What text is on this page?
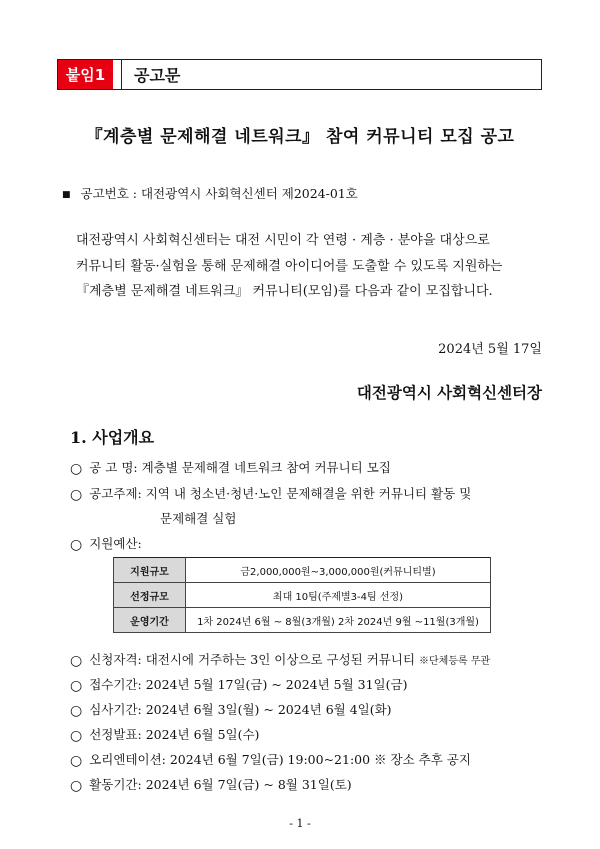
붙임1	공고문
『계층별 문제해결 네트워크』 참여 커뮤니티 모집 공고
■ 공고번호 : 대전광역시 사회혁신센터 제2024-01호
대전광역시 사회혁신센터는 대전 시민이 각 연령 · 계층 · 분야을 대상으로
커뮤니티 활동·실험을 통해 문제해결 아이디어를 도출할 수 있도록 지원하는
『계층별 문제해결 네트워크』 커뮤니티(모임)를 다음과 같이 모집합니다.
2024년 5월 17일
대전광역시 사회혁신센터장
1. 사업개요
○ 공 고 명: 계층별 문제해결 네트워크 참여 커뮤니티 모집
○ 공고주제: 지역 내 청소년·청년·노인 문제해결을 위한 커뮤니티 활동 및
문제해결 실험
○ 지원예산:
지원규모	금2,000,000원~3,000,000원(커뮤니티별)
선정규모	최대 10팀(주제별3-4팀 선정)
운영기간	1차 2024년 6월 ~ 8월(3개월) 2차 2024년 9월 ~11월(3개월)
○ 신청자격: 대전시에 거주하는 3인 이상으로 구성된 커뮤니티 ※단체등록 무관
○ 접수기간: 2024년 5월 17일(금) ~ 2024년 5월 31일(금)
○ 심사기간: 2024년 6월 3일(월) ~ 2024년 6월 4일(화)
○ 선정발표: 2024년 6월 5일(수)
○ 오리엔테이션: 2024년 6월 7일(금) 19:00~21:00 ※ 장소 추후 공지
○ 활동기간: 2024년 6월 7일(금) ~ 8월 31일(토)
- 1 -
